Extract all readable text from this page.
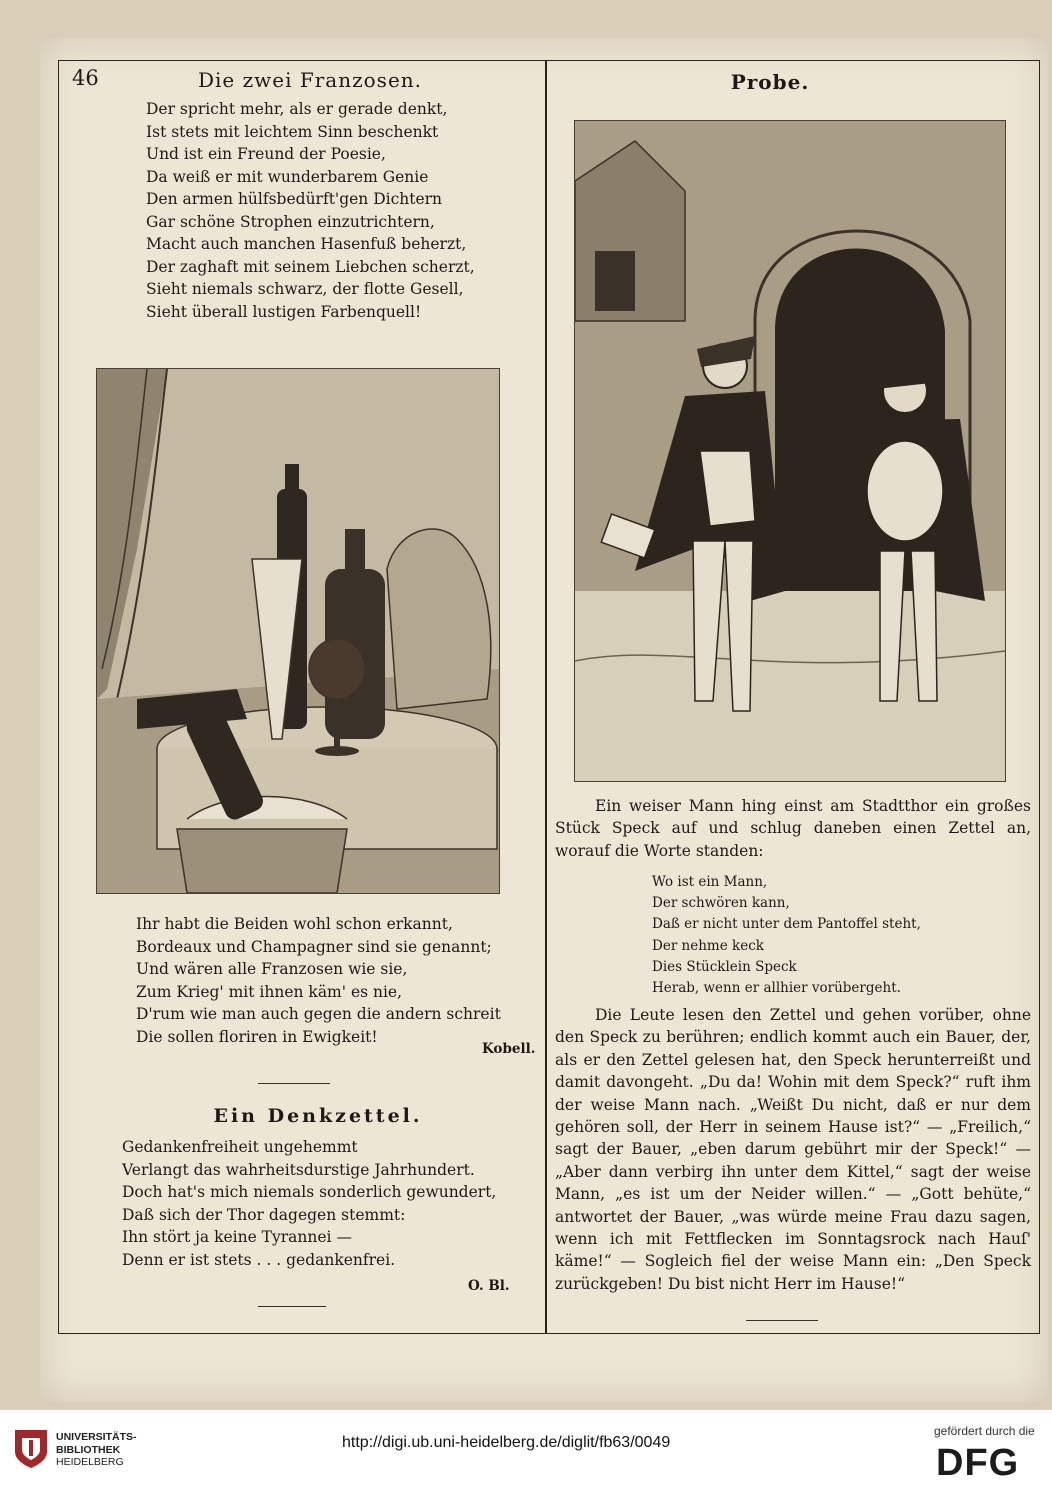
46	Die zwei Franzosen.	Probe.
Der spricht mehr, als er gerade denkt,
Ist stets mit leichtem Sinn beschenkt
Und ist ein Freund der Poesie,
Da weiß er mit wunderbarem Genie
Den armen hülfsbedürft'gen Dichtern
Gar schöne Strophen einzutrichtern,
Macht auch manchen Hasenfuß beherzt,
Der zaghaft mit seinem Liebchen scherzt,
Sieht niemals schwarz, der flotte Gesell,
Sieht überall lustigen Farbenquell!
Ihr habt die Beiden wohl schon erkannt,
Bordeaux und Champagner sind sie genannt;
Und wären alle Franzosen wie sie,
Zum Krieg' mit ihnen käm' es nie,
D'rum wie man auch gegen die andern schreit
Die sollen floriren in Ewigkeit!
Kobell.
Ein Denkzettel.
Gedankenfreiheit ungehemmt
Verlangt das wahrheitsdurstige Jahrhundert.
Doch hat's mich niemals sonderlich gewundert,
Daß sich der Thor dagegen stemmt:
Ihn stört ja keine Tyrannei —
Denn er ist stets . . . gedankenfrei.
O. Bl.
Ein weiser Mann hing einst am Stadtthor ein großes Stück Speck auf und schlug daneben einen Zettel an, worauf die Worte standen:
Wo ist ein Mann,
Der schwören kann,
Daß er nicht unter dem Pantoffel steht,
Der nehme keck
Dies Stücklein Speck
Herab, wenn er allhier vorübergeht.
Die Leute lesen den Zettel und gehen vorüber, ohne den Speck zu berühren; endlich kommt auch ein Bauer, der, als er den Zettel gelesen hat, den Speck herunterreißt und damit davongeht. „Du da! Wohin mit dem Speck?“ ruft ihm der weise Mann nach. „Weißt Du nicht, daß er nur dem gehören soll, der Herr in seinem Hause ist?“ — „Freilich,“ sagt der Bauer, „eben darum gebührt mir der Speck!“ — „Aber dann verbirg ihn unter dem Kittel,“ sagt der weise Mann, „es ist um der Neider willen.“ — „Gott behüte,“ antwortet der Bauer, „was würde meine Frau dazu sagen, wenn ich mit Fettflecken im Sonntagsrock nach Hauſ' käme!“ — Sogleich fiel der weise Mann ein: „Den Speck zurückgeben! Du bist nicht Herr im Hause!“
UNIVERSITÄTS-
BIBLIOTHEK
HEIDELBERG
http://digi.ub.uni-heidelberg.de/diglit/fb63/0049
gefördert durch die
DFG
